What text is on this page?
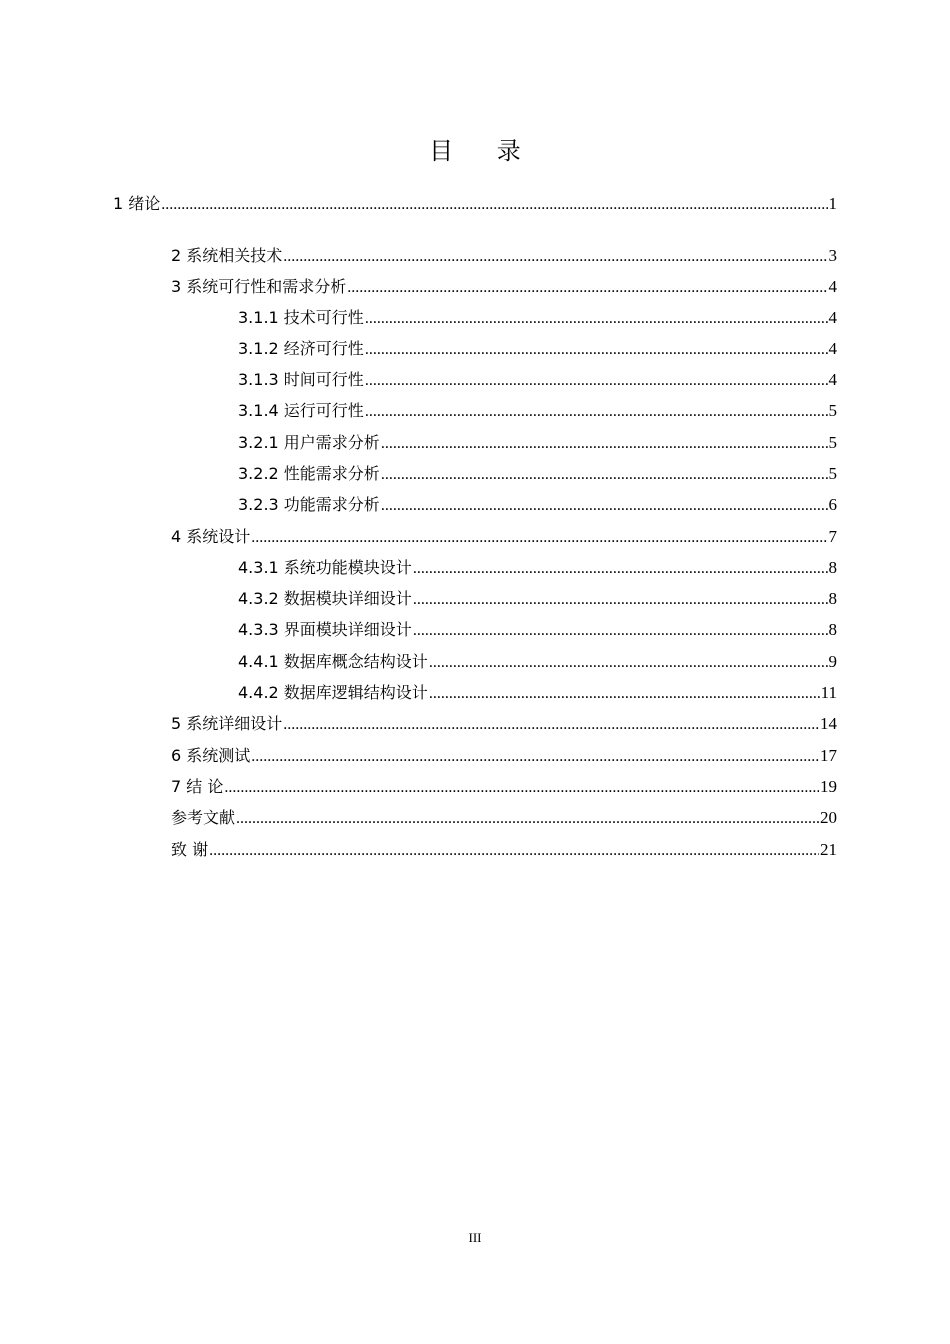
目 录
1 绪论 .....	1
2 系统相关技术 .....	3
3 系统可行性和需求分析 .....	4
3.1.1 技术可行性 .....	4
3.1.2 经济可行性 .....	4
3.1.3 时间可行性 .....	4
3.1.4 运行可行性 .....	5
3.2.1 用户需求分析 .....	5
3.2.2 性能需求分析 .....	5
3.2.3 功能需求分析 .....	6
4 系统设计 .....	7
4.3.1 系统功能模块设计 .....	8
4.3.2 数据模块详细设计 .....	8
4.3.3 界面模块详细设计 .....	8
4.4.1 数据库概念结构设计 .....	9
4.4.2 数据库逻辑结构设计 .....	11
5 系统详细设计 .....	14
6 系统测试 .....	17
7 结 论 .....	19
参考文献 .....	20
致 谢 .....	21
III
